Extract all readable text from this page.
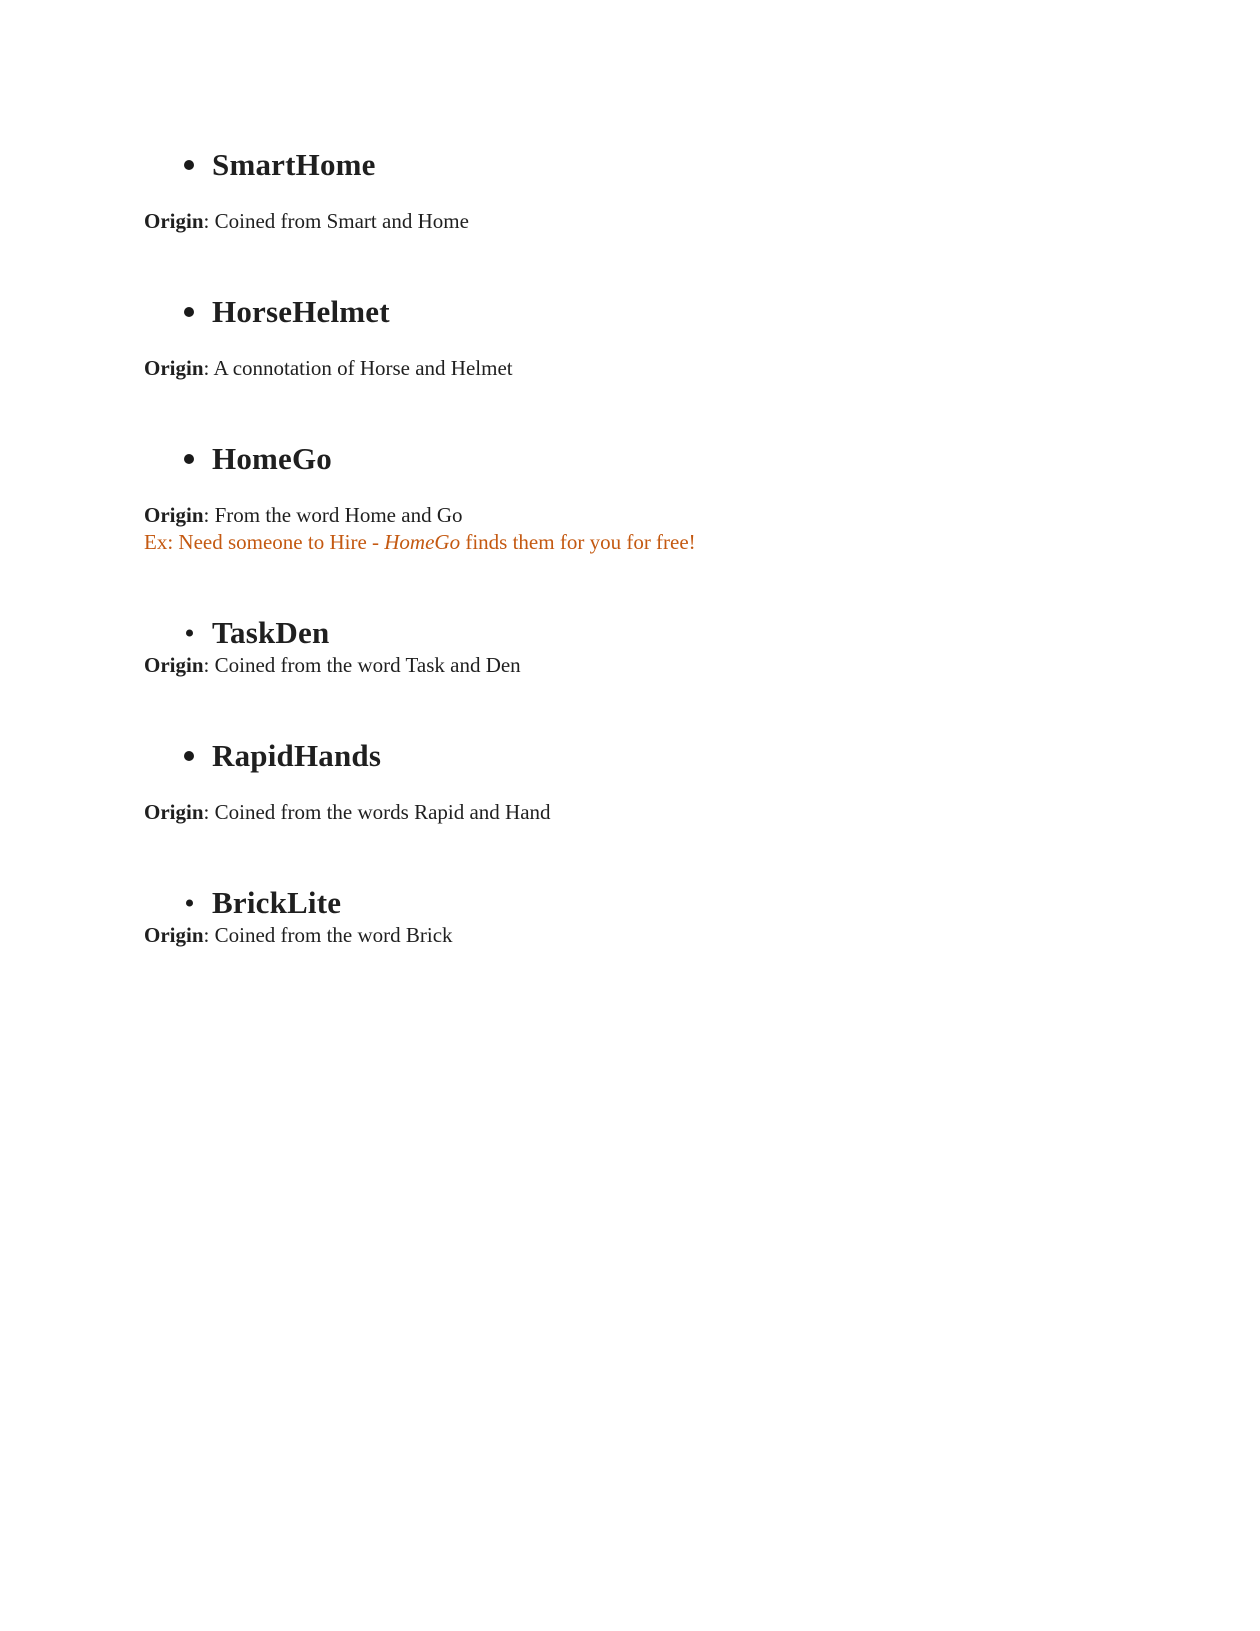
SmartHome
Origin: Coined from Smart and Home
HorseHelmet
Origin: A connotation of Horse and Helmet
HomeGo
Origin: From the word Home and Go
Ex: Need someone to Hire - HomeGo finds them for you for free!
TaskDen
Origin: Coined from the word Task and Den
RapidHands
Origin: Coined from the words Rapid and Hand
BrickLite
Origin: Coined from the word Brick
